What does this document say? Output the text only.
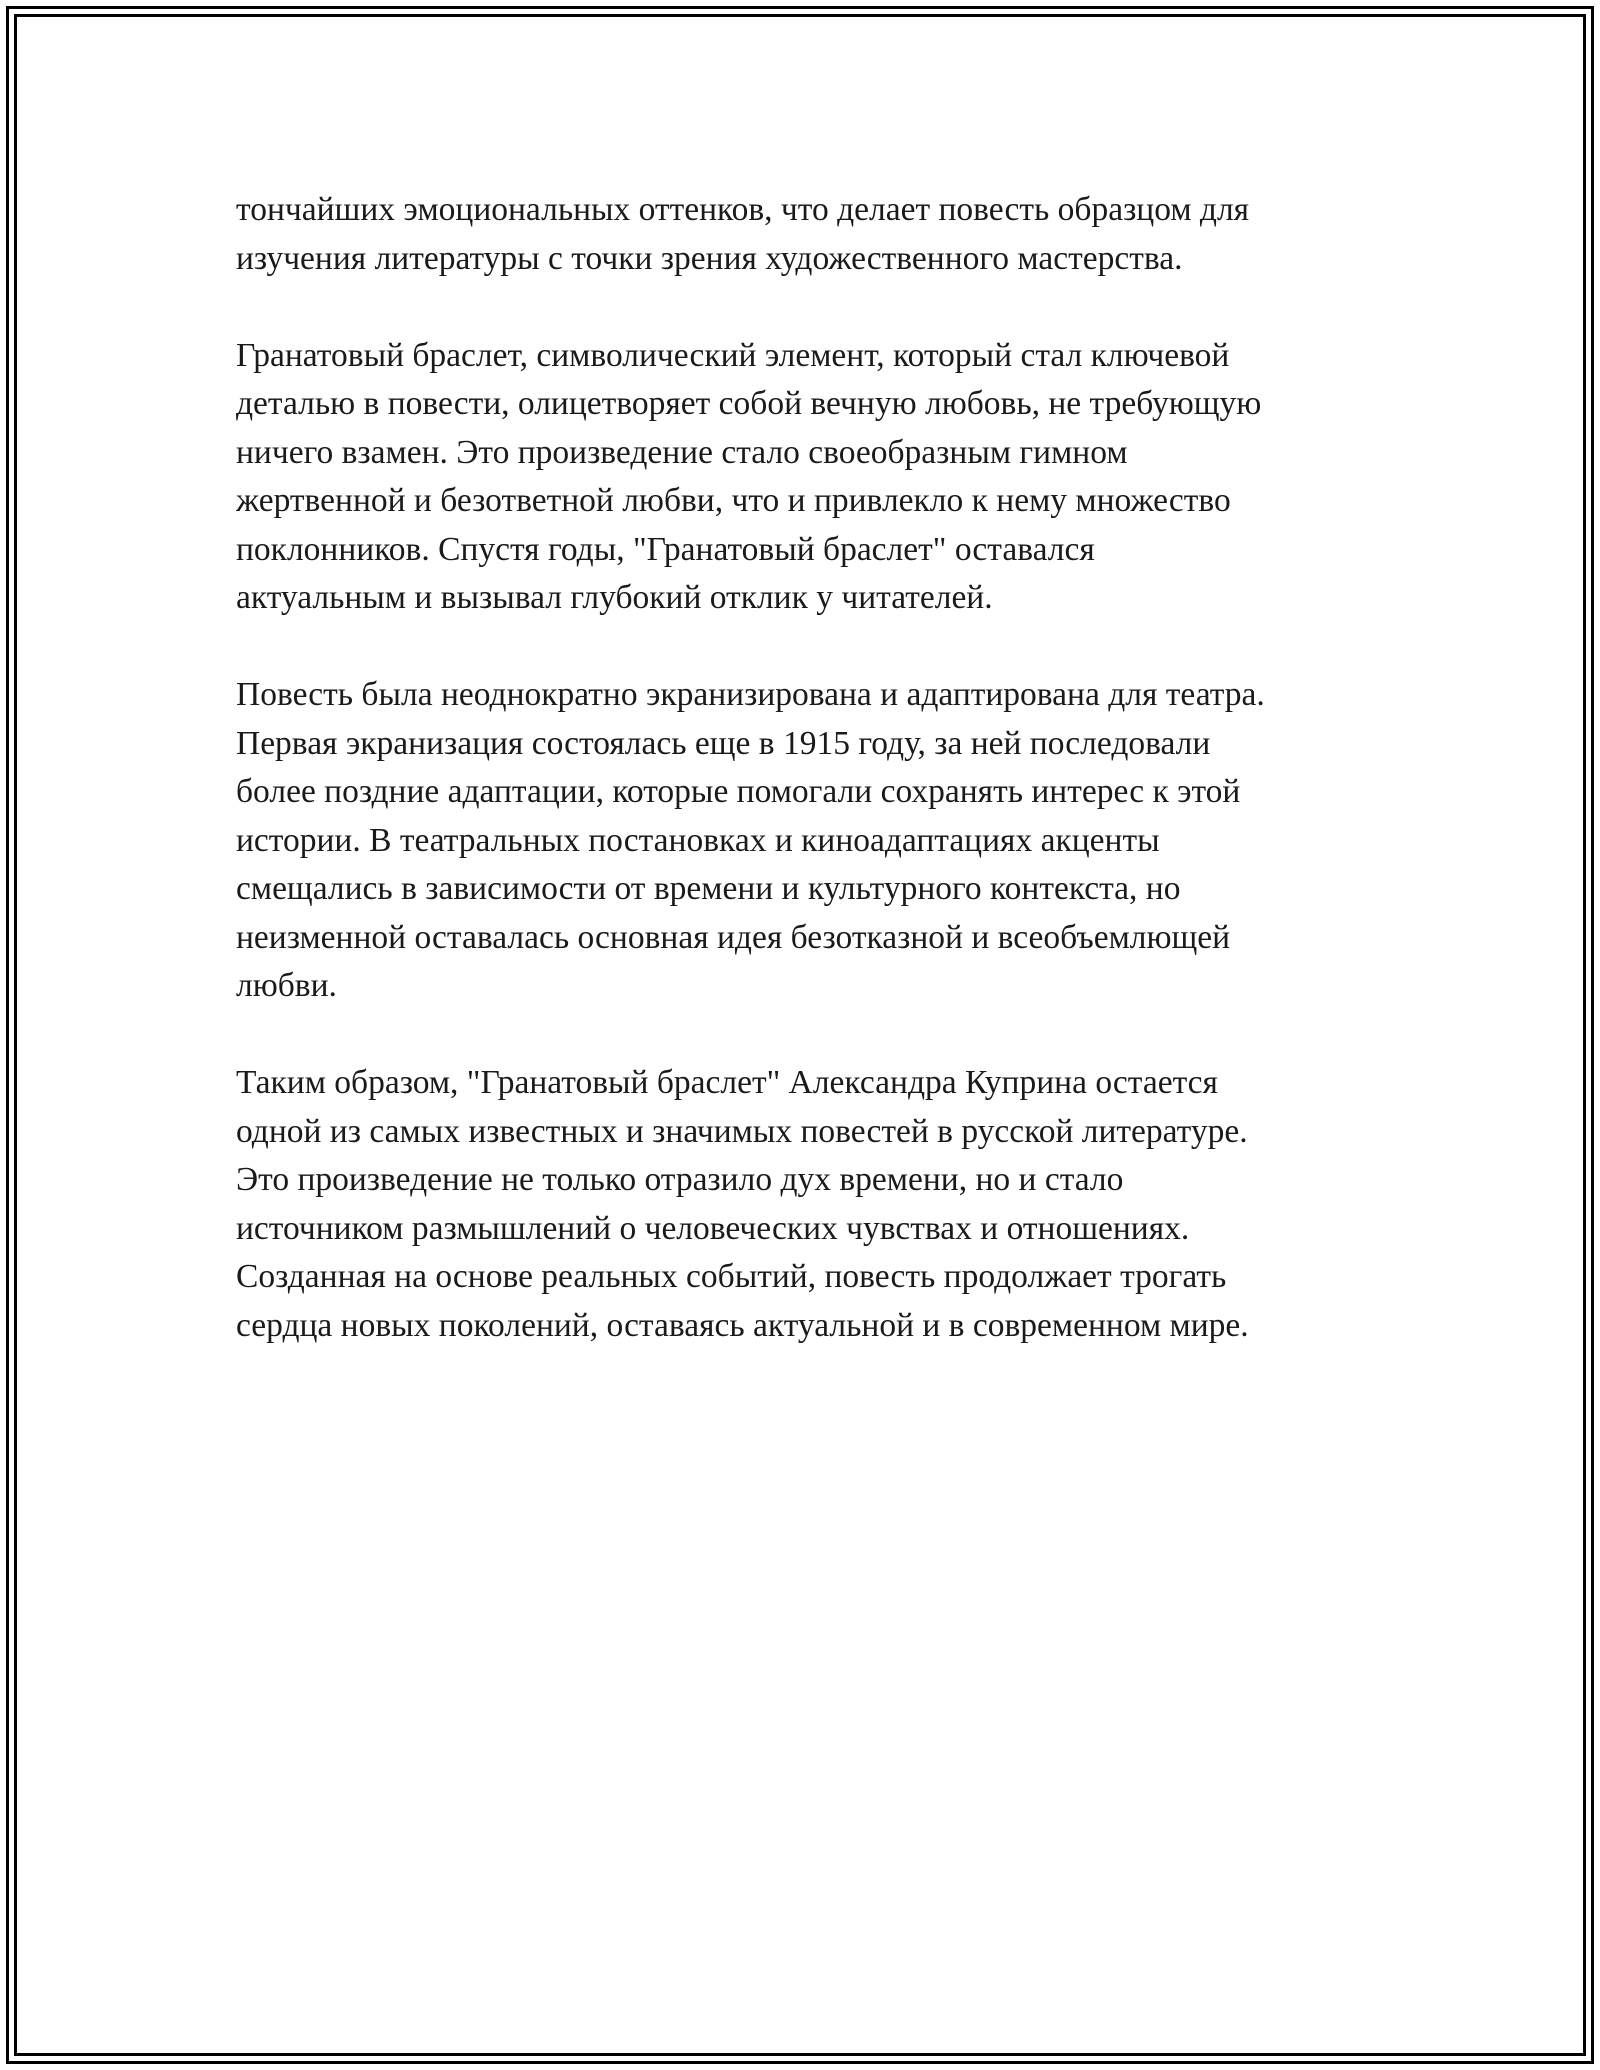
тончайших эмоциональных оттенков, что делает повесть образцом для
изучения литературы с точки зрения художественного мастерства.

Гранатовый браслет, символический элемент, который стал ключевой
деталью в повести, олицетворяет собой вечную любовь, не требующую
ничего взамен. Это произведение стало своеобразным гимном
жертвенной и безответной любви, что и привлекло к нему множество
поклонников. Спустя годы, "Гранатовый браслет" оставался
актуальным и вызывал глубокий отклик у читателей.

Повесть была неоднократно экранизирована и адаптирована для театра.
Первая экранизация состоялась еще в 1915 году, за ней последовали
более поздние адаптации, которые помогали сохранять интерес к этой
истории. В театральных постановках и киноадаптациях акценты
смещались в зависимости от времени и культурного контекста, но
неизменной оставалась основная идея безотказной и всеобъемлющей
любви.

Таким образом, "Гранатовый браслет" Александра Куприна остается
одной из самых известных и значимых повестей в русской литературе.
Это произведение не только отразило дух времени, но и стало
источником размышлений о человеческих чувствах и отношениях.
Созданная на основе реальных событий, повесть продолжает трогать
сердца новых поколений, оставаясь актуальной и в современном мире.
